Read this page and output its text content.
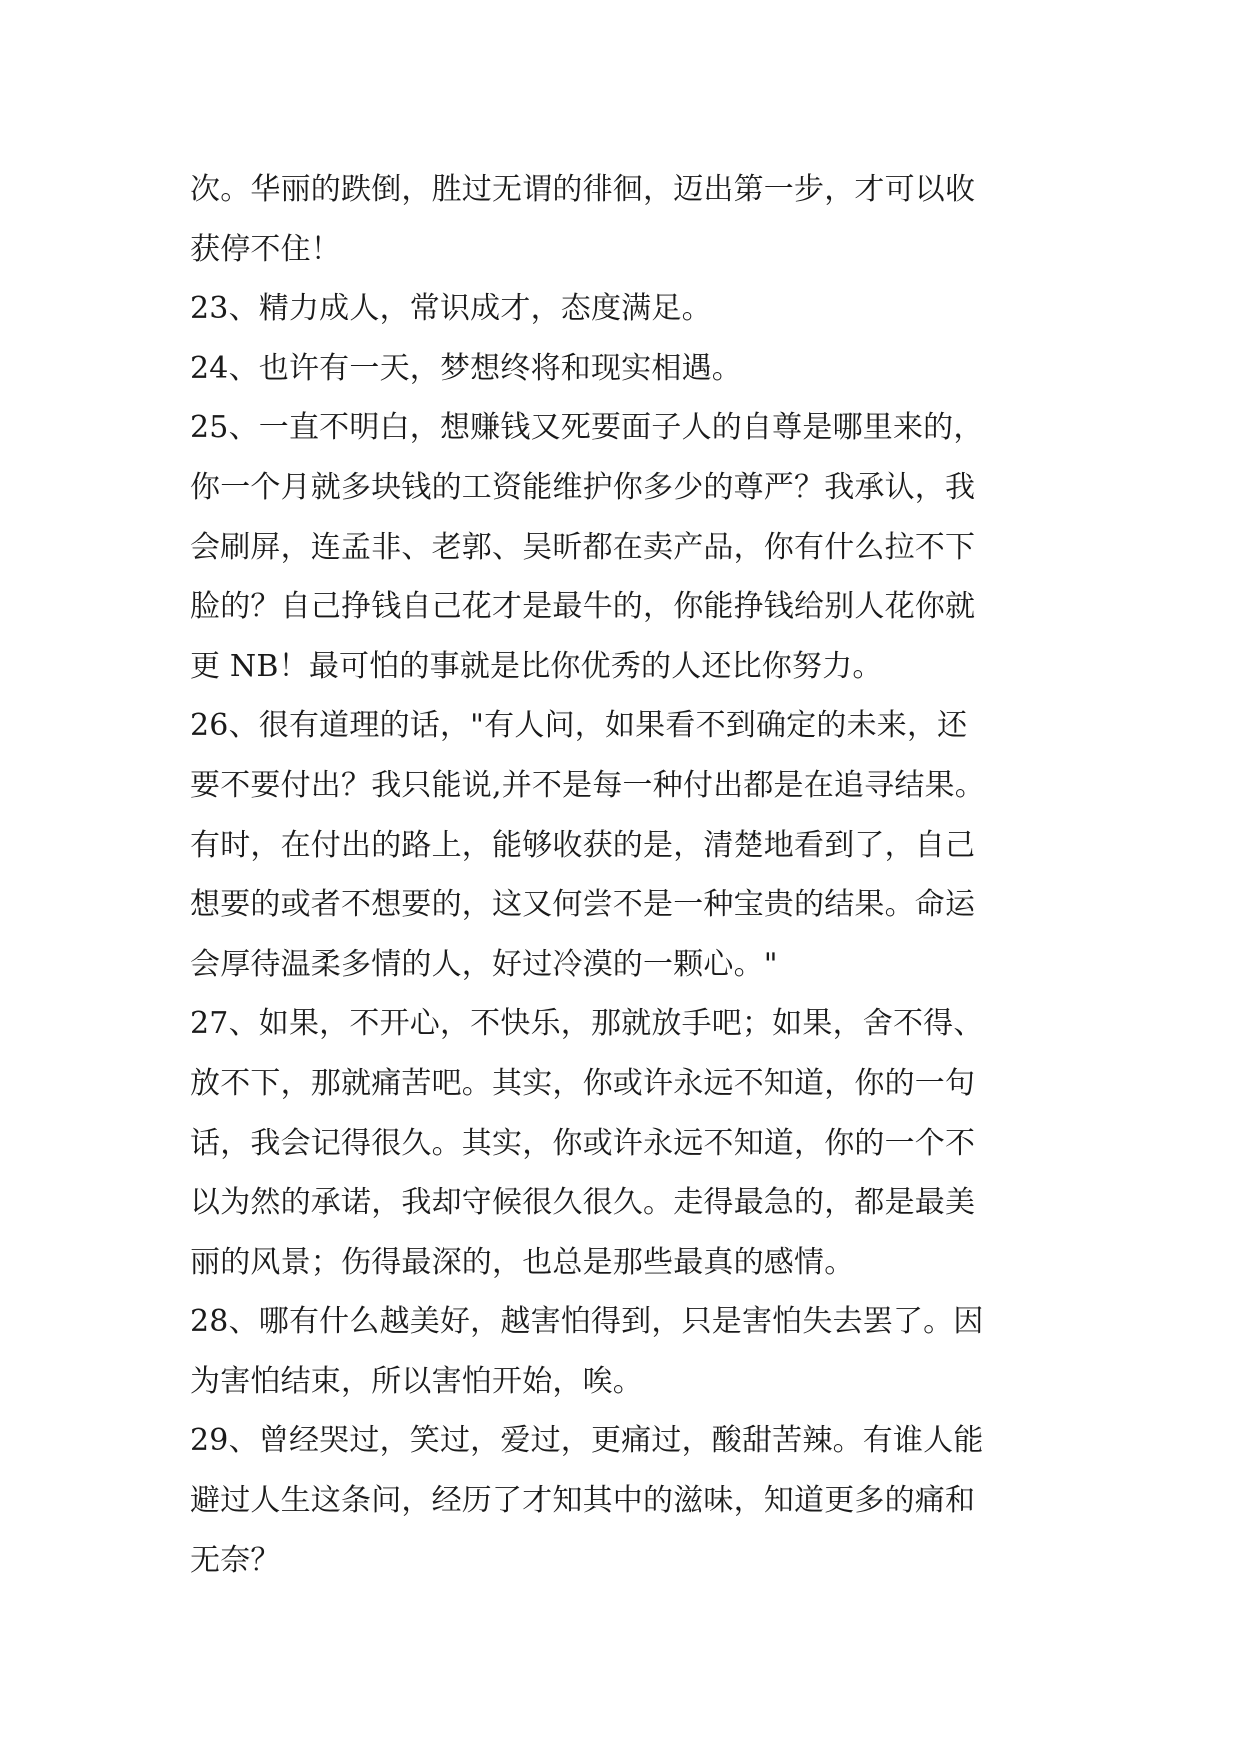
次。华丽的跌倒，胜过无谓的徘徊，迈出第一步，才可以收
获停不住！
23、精力成人，常识成才，态度满足。
24、也许有一天，梦想终将和现实相遇。
25、一直不明白，想赚钱又死要面子人的自尊是哪里来的，
你一个月就多块钱的工资能维护你多少的尊严？我承认，我
会刷屏，连孟非、老郭、吴昕都在卖产品，你有什么拉不下
脸的？自己挣钱自己花才是最牛的，你能挣钱给别人花你就
更 NB！最可怕的事就是比你优秀的人还比你努力。
26、很有道理的话，"有人问，如果看不到确定的未来，还
要不要付出？我只能说,并不是每一种付出都是在追寻结果。
有时，在付出的路上，能够收获的是，清楚地看到了，自己
想要的或者不想要的，这又何尝不是一种宝贵的结果。命运
会厚待温柔多情的人，好过冷漠的一颗心。"
27、如果，不开心，不快乐，那就放手吧；如果，舍不得、
放不下，那就痛苦吧。其实，你或许永远不知道，你的一句
话，我会记得很久。其实，你或许永远不知道，你的一个不
以为然的承诺，我却守候很久很久。走得最急的，都是最美
丽的风景；伤得最深的，也总是那些最真的感情。
28、哪有什么越美好，越害怕得到，只是害怕失去罢了。因
为害怕结束，所以害怕开始，唉。
29、曾经哭过，笑过，爱过，更痛过，酸甜苦辣。有谁人能
避过人生这条问，经历了才知其中的滋味，知道更多的痛和
无奈？
